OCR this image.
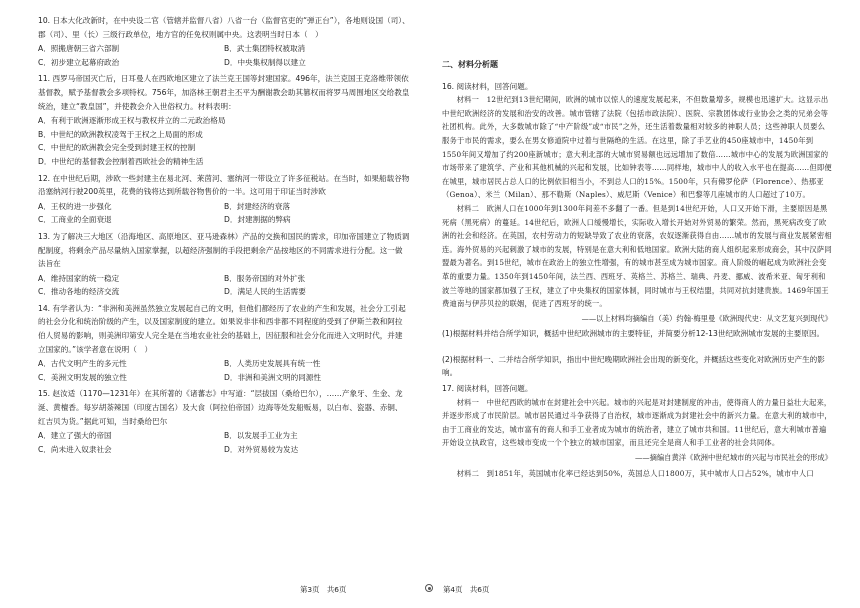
10. 日本大化改新时，在中央设二官（管辖并监督八省）八省一台（监督官吏的“弹正台”），各地则设国（司）、郡（司）、里（长）三级行政单位，地方官的任免权则属中央。这表明当时日本（　）

A．照搬唐朝三省六部制	B．武士集团特权被取消
C．初步建立起幕府政治	D．中央集权制得以建立

11. 西罗马帝国灭亡后，日耳曼人在西欧地区建立了法兰克王国等封建国家。496年，法兰克国王克洛维带领依基督教，赋予基督教会多项特权。756年，加洛林王朝君主丕平为酬谢教会助其篡权而将罗马周围地区交给教皇统治，建立“教皇国”，并使教会介入世俗权力。材料表明：

A．有利于欧洲逐渐形成王权与教权并立的二元政治格局
B．中世纪的欧洲教权凌驾于王权之上局面的形成
C．中世纪的欧洲教会完全受到封建王权的控制
D．中世纪的基督教会控制着西欧社会的精神生活

12. 在中世纪后期，涉欧一些封建主在易北河、莱茵河、塞纳河一带设立了许多征税站。在当时，如果船载谷物沿塞纳河行驶200英里，花费的钱将达到所载谷物售价的一半。这可用于印证当时涉欧

A．王权的进一步强化	B．封建经济的衰落
C．工商业的全面衰退	D．封建割据的弊病

13. 为了解决三大地区（沿海地区、高原地区、亚马逊森林）产品的交换和国民的需求，印加帝国建立了物质调配制度，将剩余产品尽量纳入国家掌握，以超经济强制的手段把剩余产品按地区的不同需求进行分配。这一做法旨在

A．维持国家的统一稳定	B．服务帝国的对外扩张
C．推动各地的经济交流	D．满足人民的生活需要

14. 有学者认为：“非洲和美洲虽然独立发展起自己的文明，但他们都经历了农业的产生和发展，社会分工引起的社会分化和统治阶级的产生，以及国家制度的建立。如果说非非和西非都不同程度的受到了伊斯兰教和阿拉伯人贸易的影响，则美洲印第安人完全是在当地农业社会的基础上，因征服和社会分化而进入文明时代，并建立国家的。”该学者意在说明（　）

A．古代文明产生的多元性	B．人类历史发展具有统一性
C．美洲文明发展的独立性	D．非洲和美洲文明的同源性

15. 赵汝适（1170—1231年）在其所著的《诸蕃志》中写道：“层拔国（桑给巴尔），……产象牙、生金、龙涎、黄檀香。每岁胡荼辣国（印度古国名）及大食（阿拉伯帝国）边海等处发船贩易，以白布、瓷器、赤铜、红吉贝为货。”据此可知，当时桑给巴尔

A．建立了强大的帝国	B．以发展手工业为主
C．尚未进入奴隶社会	D．对外贸易较为发达
二、材料分析题

16. 阅读材料，回答问题。

材料一　12世纪到13世纪期间，欧洲的城市以惊人的速度发展起来，不但数量增多，规模也迅速扩大。这显示出中世纪欧洲经济的发展和治安的改善。城市管辖了法院（包括市政法院）、医院、宗教团体或行业协会之类的兄弟会等社团机构。此外，大多数城市除了“中产阶级”或“市民”之外，还生活着数量相对较多的神职人员；这些神职人员要么服务于市民的需求，要么在男女修道院中过着与世隔绝的生活。在这里，除了手艺业的450座城市中，1450年到1550年间又增加了约200座新城市；意大利北部的大城市贸易额也远远增加了数倍……城市中心的发展为欧洲国家的市场带来了建筑学、产业和其他机械的兴起和发展，比如钟表等……同样地，城市中人的收入水平也在提高……但即便在城里，城市居民占总人口的比例依旧相当小，不到总人口的15%。1500年，只有佛罗伦萨（Florence）、热那亚（Genoa）、米兰（Milan）、那不勒斯（Naples）、威尼斯（Venice）和巴黎等几座城市的人口超过了10万。

材料二　欧洲人口在1000年到1300年间差不多翻了一番。但是到14世纪开始，人口又开始下滑，主要原因是黑死病（黑死病）的蔓延。14世纪后，欧洲人口缓慢增长，实际收入增长开始对外贸易的繁荣。然而，黑死病改变了欧洲的社会和经济。在英国，农村劳动力的短缺导致了农业的衰落，农奴逐渐获得自由……城市的发展与商业发展紧密相连。海外贸易的兴起刺激了城市的发展，特别是在意大利和低地国家。欧洲大陆的商人组织起来形成商会，其中汉萨同盟最为著名。到15世纪，城市在政治上的独立性增强，有的城市甚至成为城市国家。商人阶级的崛起成为欧洲社会变革的重要力量。1350年到1450年间，法兰西、西班牙、英格兰、苏格兰、瑞典、丹麦、挪威、波希米亚、匈牙利和波兰等地的国家都加强了王权，建立了中央集权的国家体制，同时城市与王权结盟，共同对抗封建贵族。1469年国王费迪南与伊莎贝拉的联姻，促进了西班牙的统一。

——以上材料均摘编自（美）约翰·梅里曼《欧洲现代史：从文艺复兴到现代》

(1)根据材料并结合所学知识，概括中世纪欧洲城市的主要特征，并简要分析12-13世纪欧洲城市发展的主要原因。

(2)根据材料一、二并结合所学知识，指出中世纪晚期欧洲社会出现的新变化，并概括这些变化对欧洲历史产生的影响。

17. 阅读材料，回答问题。

材料一　中世纪西欧的城市在封建社会中兴起。城市的兴起是对封建制度的冲击，使得商人的力量日益壮大起来，并逐步形成了市民阶层。城市居民通过斗争获得了自治权，城市逐渐成为封建社会中的新兴力量。在意大利的城市中，由于工商业的发达，城市富有的商人和手工业者成为城市的统治者，建立了城市共和国。11世纪后，意大利城市普遍开始设立执政官，这些城市变成一个个独立的城市国家，而且还完全是商人和手工业者的社会共同体。

——摘编自黄洋《欧洲中世纪城市的兴起与市民社会的形成》

材料二　到1851年，英国城市化率已经达到50%，英国总人口1800万，其中城市人口占52%，城市中人口

第3页　共6页	第4页　共6页
